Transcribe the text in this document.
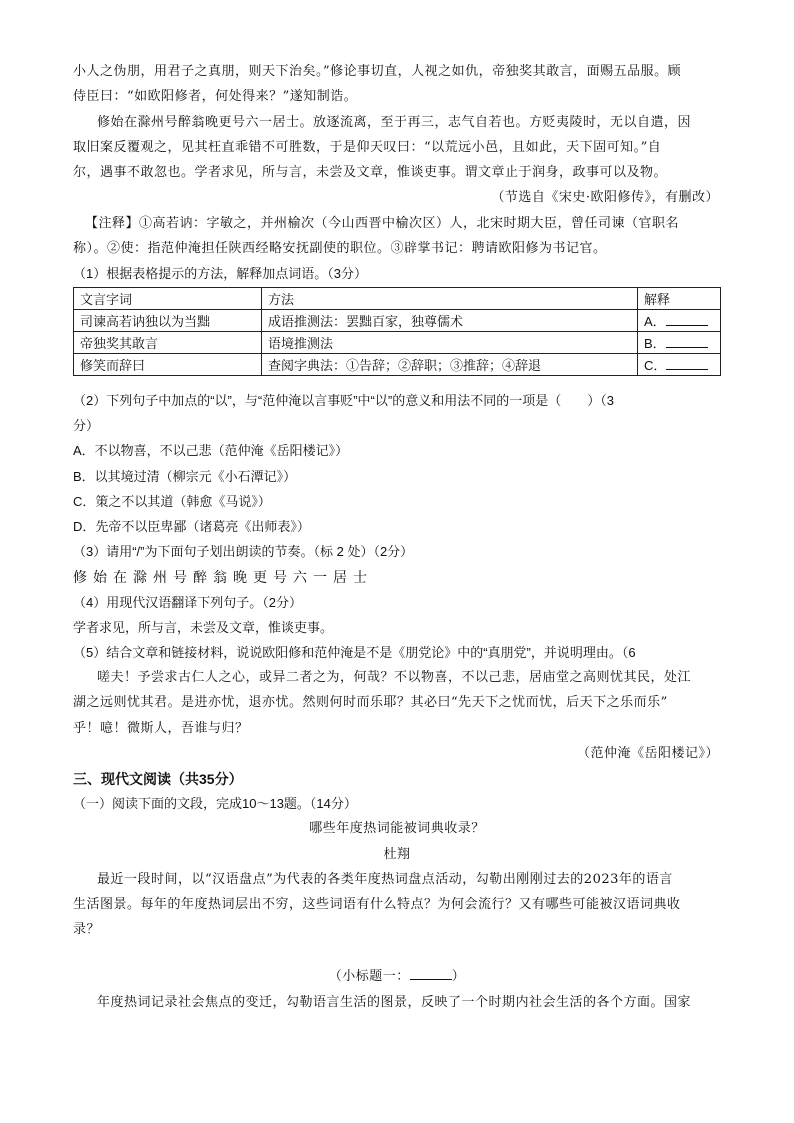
小人之伪朋，用君子之真朋，则天下治矣。”修论事切直，人视之如仇，帝独奖其敢言，面赐五品服。顾
侍臣曰：“如欧阳修者，何处得来？”遂知制诰。
修始在滁州号醉翁晚更号六一居士。放逐流离，至于再三，志气自若也。方贬夷陵时，无以自遣，因
取旧案反覆观之，见其枉直乖错不可胜数，于是仰天叹曰：“以荒远小邑，且如此，天下固可知。”自
尔，遇事不敢忽也。学者求见，所与言，未尝及文章，惟谈吏事。谓文章止于润身，政事可以及物。
（节选自《宋史·欧阳修传》，有删改）
【注释】①高若讷：字敏之，并州榆次（今山西晋中榆次区）人，北宋时期大臣，曾任司谏（官职名
称）。②使：指范仲淹担任陕西经略安抚副使的职位。③辟掌书记：聘请欧阳修为书记官。
（1）根据表格提示的方法，解释加点词语。（3分）
文言字词	方法	解释
司谏高若讷独以为当黜	成语推测法：罢黜百家，独尊儒术	A．
帝独奖其敢言	语境推测法	B．
修笑而辞曰	查阅字典法：①告辞；②辞职；③推辞；④辞退	C．
（2）下列句子中加点的“以”，与“范仲淹以言事贬”中“以”的意义和用法不同的一项是（　　）（3
分）
A．不以物喜，不以己悲（范仲淹《岳阳楼记》）
B．以其境过清（柳宗元《小石潭记》）
C．策之不以其道（韩愈《马说》）
D．先帝不以臣卑鄙（诸葛亮《出师表》）
（3）请用“/”为下面句子划出朗读的节奏。（标 2 处）（2分）
修始在滁州号醉翁晚更号六一居士
（4）用现代汉语翻译下列句子。（2分）
学者求见，所与言，未尝及文章，惟谈吏事。
（5）结合文章和链接材料，说说欧阳修和范仲淹是不是《朋党论》中的“真朋党”，并说明理由。（6
嗟夫！予尝求古仁人之心，或异二者之为，何哉？不以物喜，不以己悲，居庙堂之高则忧其民，处江
湖之远则忧其君。是进亦忧，退亦忧。然则何时而乐耶？其必曰“先天下之忧而忧，后天下之乐而乐”
乎！噫！微斯人，吾谁与归？
（范仲淹《岳阳楼记》）
三、现代文阅读（共35分）
（一）阅读下面的文段，完成10～13题。（14分）
哪些年度热词能被词典收录？
杜翔
最近一段时间，以“汉语盘点”为代表的各类年度热词盘点活动，勾勒出刚刚过去的2023年的语言
生活图景。每年的年度热词层出不穷，这些词语有什么特点？为何会流行？又有哪些可能被汉语词典收
录？
（小标题一：	）
年度热词记录社会焦点的变迁，勾勒语言生活的图景，反映了一个时期内社会生活的各个方面。国家
